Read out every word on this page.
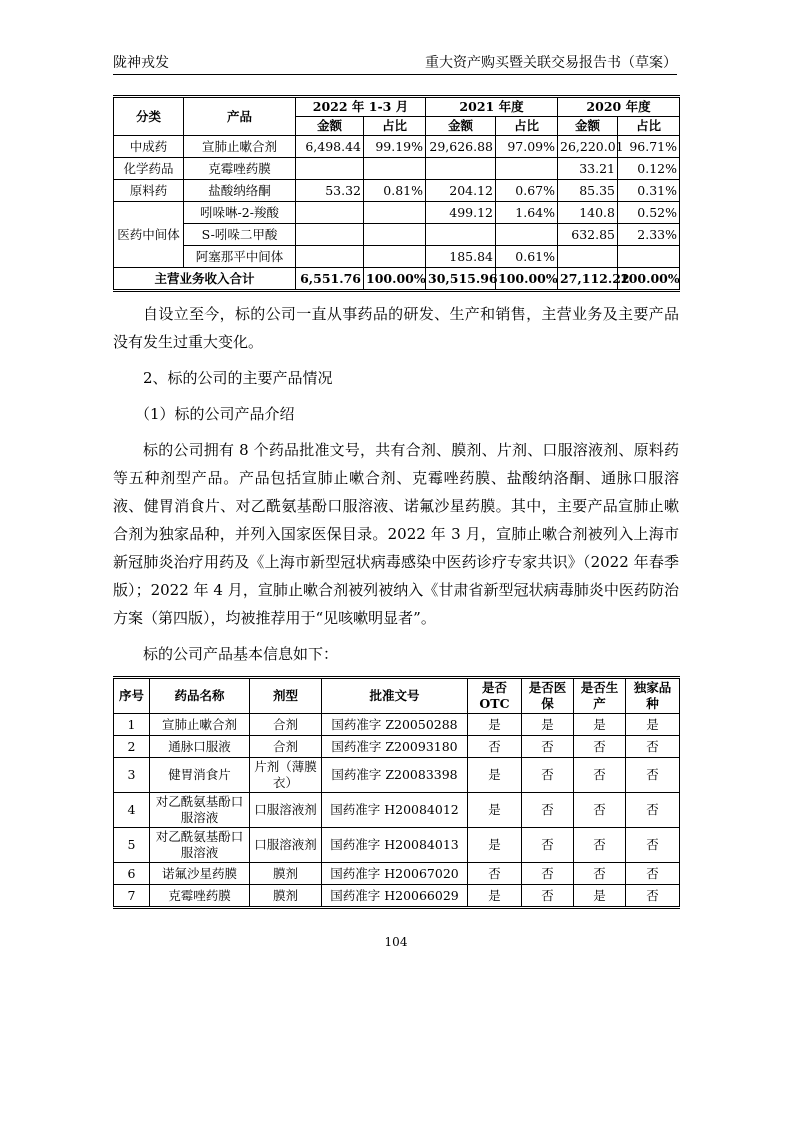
陇神戎发	重大资产购买暨关联交易报告书（草案）
分类	产品	2022 年 1-3 月		2021 年度		2020 年度	
		金额	占比	金额	占比	金额	占比
中成药	宣肺止嗽合剂	6,498.44	99.19%	29,626.88	97.09%	26,220.01	96.71%
化学药品	克霉唑药膜					33.21	0.12%
原料药	盐酸纳络酮	53.32	0.81%	204.12	0.67%	85.35	0.31%
医药中间体	吲哚啉-2-羧酸			499.12	1.64%	140.8	0.52%
	S-吲哚二甲酸					632.85	2.33%
	阿塞那平中间体			185.84	0.61%		
主营业务收入合计		6,551.76	100.00%	30,515.96	100.00%	27,112.22	100.00%

自设立至今，标的公司一直从事药品的研发、生产和销售，主营业务及主要产品没有发生过重大变化。

2、标的公司的主要产品情况

（1）标的公司产品介绍

标的公司拥有 8 个药品批准文号，共有合剂、膜剂、片剂、口服溶液剂、原料药等五种剂型产品。产品包括宣肺止嗽合剂、克霉唑药膜、盐酸纳洛酮、通脉口服溶液、健胃消食片、对乙酰氨基酚口服溶液、诺氟沙星药膜。其中，主要产品宣肺止嗽合剂为独家品种，并列入国家医保目录。2022 年 3 月，宣肺止嗽合剂被列入上海市新冠肺炎治疗用药及《上海市新型冠状病毒感染中医药诊疗专家共识》（2022 年春季版）；2022 年 4 月，宣肺止嗽合剂被列被纳入《甘肃省新型冠状病毒肺炎中医药防治方案（第四版），均被推荐用于“见咳嗽明显者”。

标的公司产品基本信息如下：

序号	药品名称	剂型	批准文号	是否OTC	是否医保	是否生产	独家品种
1	宣肺止嗽合剂	合剂	国药准字 Z20050288	是	是	是	是
2	通脉口服液	合剂	国药准字 Z20093180	否	否	否	否
3	健胃消食片	片剂（薄膜衣）	国药准字 Z20083398	是	否	否	否
4	对乙酰氨基酚口服溶液	口服溶液剂	国药准字 H20084012	是	否	否	否
5	对乙酰氨基酚口服溶液	口服溶液剂	国药准字 H20084013	是	否	否	否
6	诺氟沙星药膜	膜剂	国药准字 H20067020	否	否	否	否
7	克霉唑药膜	膜剂	国药准字 H20066029	是	否	是	否
104
